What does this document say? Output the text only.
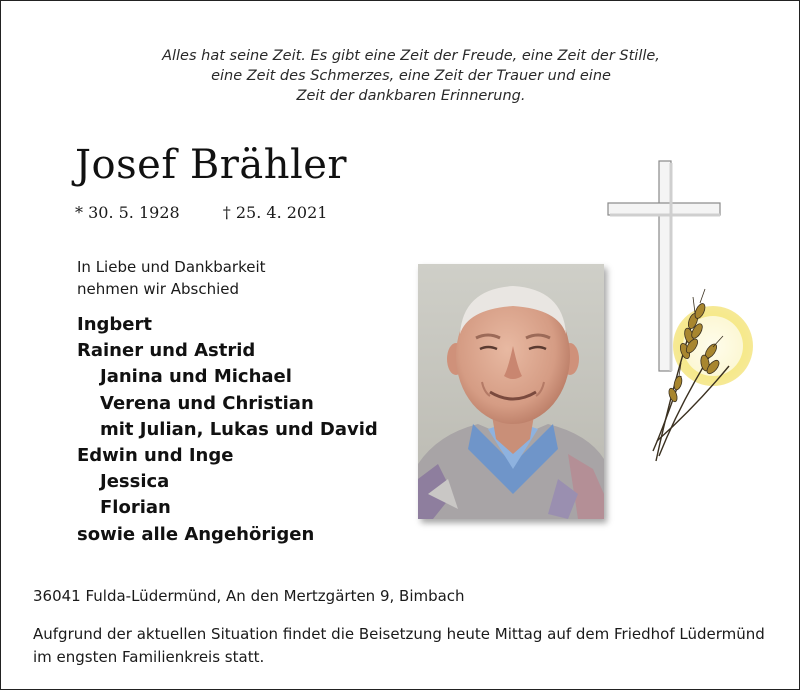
Alles hat seine Zeit. Es gibt eine Zeit der Freude, eine Zeit der Stille,
eine Zeit des Schmerzes, eine Zeit der Trauer und eine
Zeit der dankbaren Erinnerung.
Josef Brähler
* 30. 5. 1928	† 25. 4. 2021
In Liebe und Dankbarkeit
nehmen wir Abschied
Ingbert
Rainer und Astrid
Janina und Michael
Verena und Christian
mit Julian, Lukas und David
Edwin und Inge
Jessica
Florian
sowie alle Angehörigen
36041 Fulda-Lüdermünd, An den Mertzgärten 9, Bimbach
Aufgrund der aktuellen Situation findet die Beisetzung heute Mittag auf dem Friedhof Lüdermünd
im engsten Familienkreis statt.
